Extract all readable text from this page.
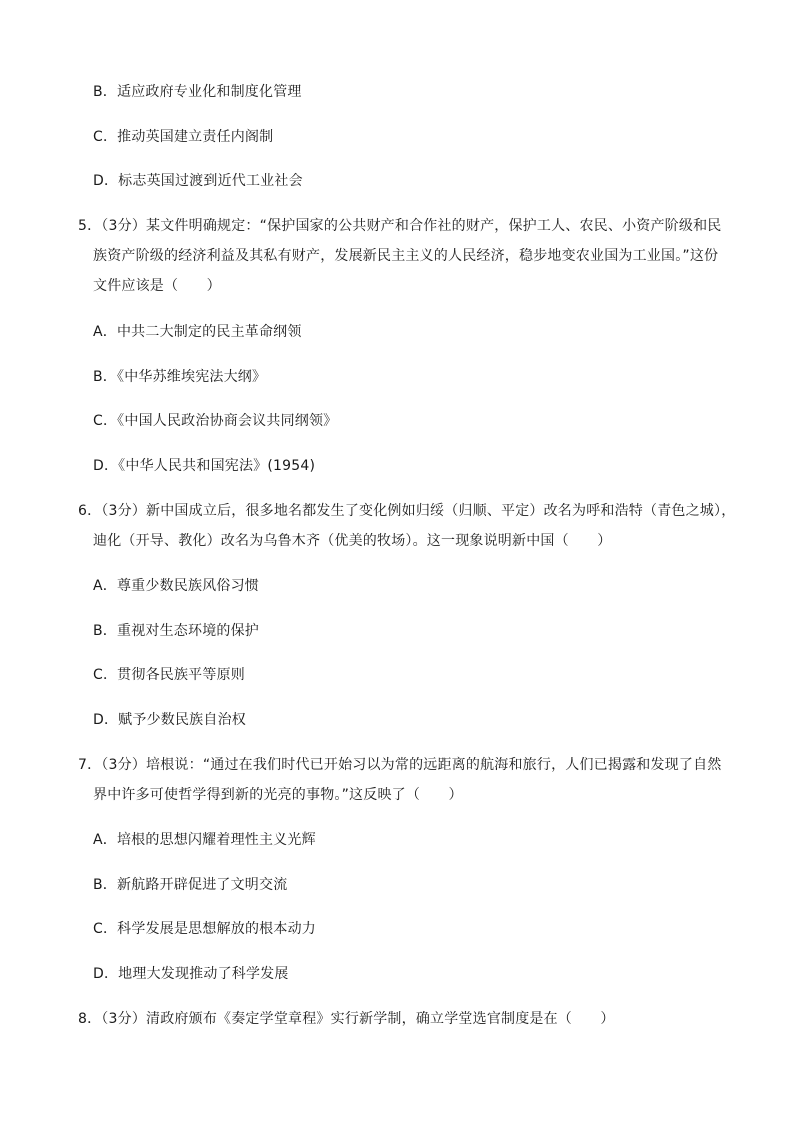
B．适应政府专业化和制度化管理
C．推动英国建立责任内阁制
D．标志英国过渡到近代工业社会
5．（3分）某文件明确规定：“保护国家的公共财产和合作社的财产，保护工人、农民、小资产阶级和民
族资产阶级的经济利益及其私有财产，发展新民主主义的人民经济，稳步地变农业国为工业国。”这份
文件应该是（　　）
A．中共二大制定的民主革命纲领
B．《中华苏维埃宪法大纲》
C．《中国人民政治协商会议共同纲领》
D．《中华人民共和国宪法》(1954)
6．（3分）新中国成立后，很多地名都发生了变化例如归绥（归顺、平定）改名为呼和浩特（青色之城），
迪化（开导、教化）改名为乌鲁木齐（优美的牧场）。这一现象说明新中国（　　）
A．尊重少数民族风俗习惯
B．重视对生态环境的保护
C．贯彻各民族平等原则
D．赋予少数民族自治权
7．（3分）培根说：“通过在我们时代已开始习以为常的远距离的航海和旅行，人们已揭露和发现了自然
界中许多可使哲学得到新的光亮的事物。”这反映了（　　）
A．培根的思想闪耀着理性主义光辉
B．新航路开辟促进了文明交流
C．科学发展是思想解放的根本动力
D．地理大发现推动了科学发展
8．（3分）清政府颁布《奏定学堂章程》实行新学制，确立学堂选官制度是在（　　）
